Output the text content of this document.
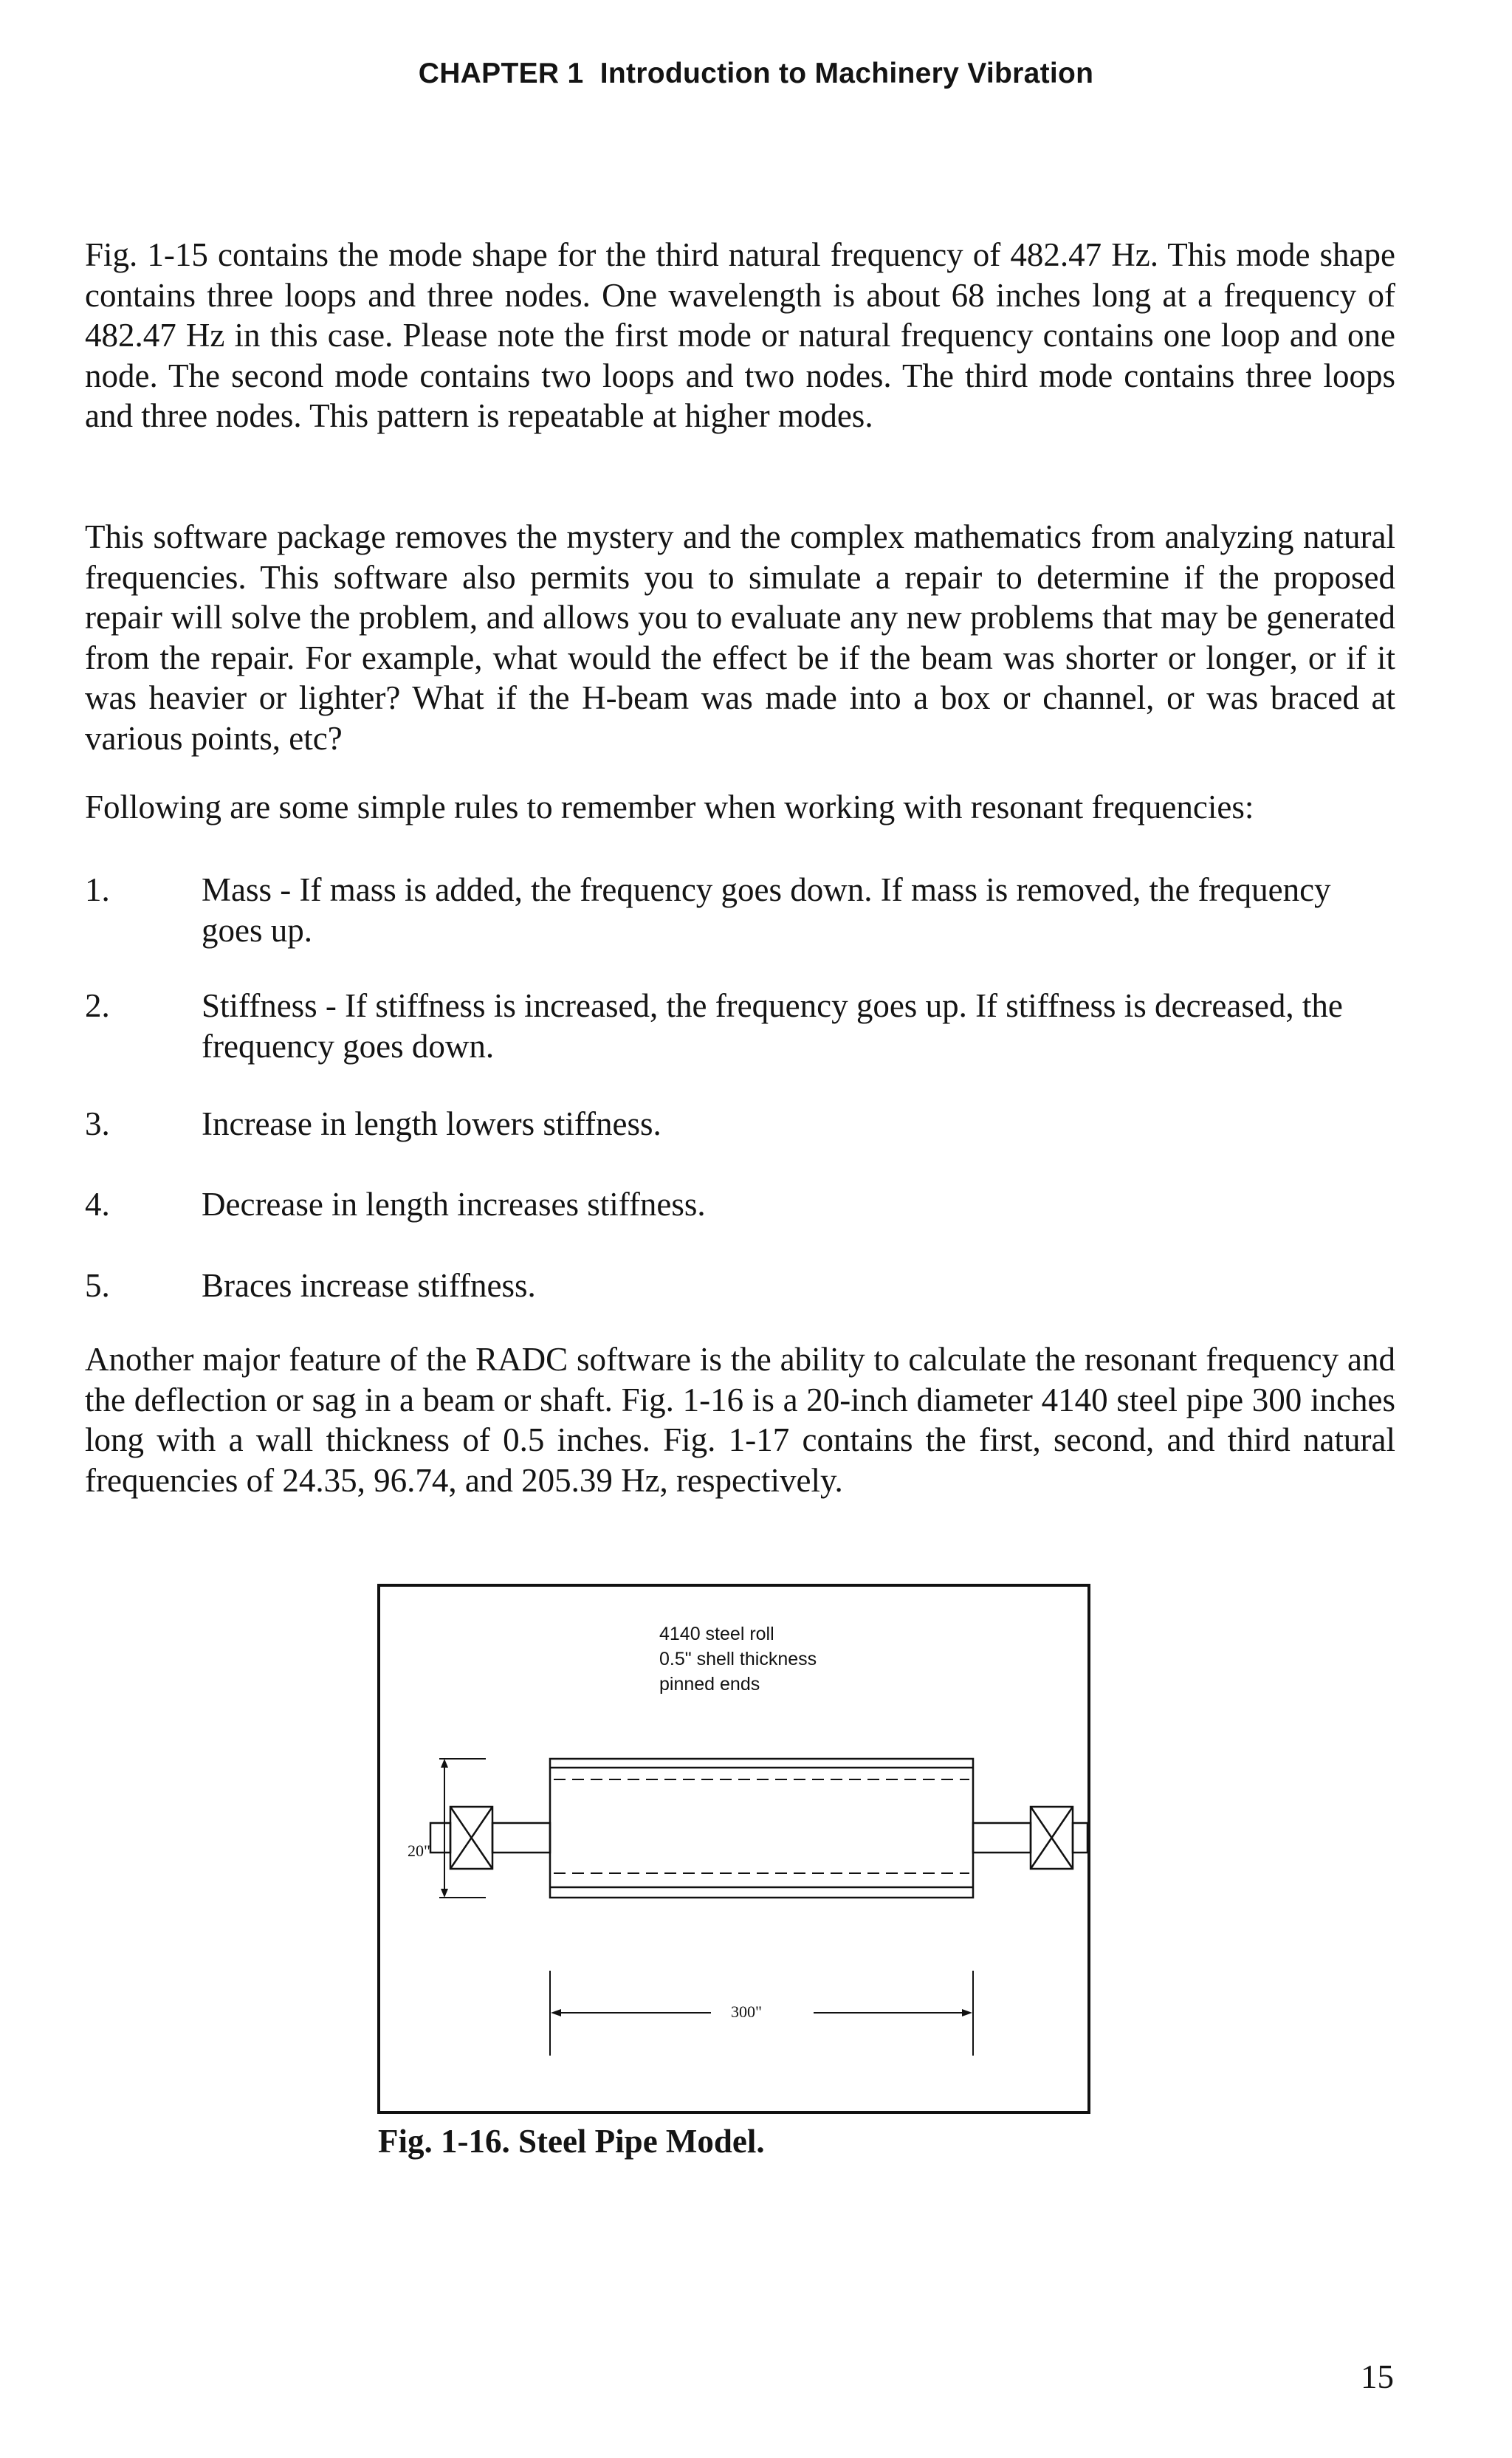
CHAPTER 1 Introduction to Machinery Vibration

Fig. 1-15 contains the mode shape for the third natural frequency of 482.47 Hz. This mode shape contains three loops and three nodes. One wavelength is about 68 inches long at a frequency of 482.47 Hz in this case. Please note the first mode or natural frequency contains one loop and one node. The second mode contains two loops and two nodes. The third mode contains three loops and three nodes. This pattern is repeatable at higher modes.

This software package removes the mystery and the complex mathematics from analyzing natural frequencies. This software also permits you to simulate a repair to determine if the proposed repair will solve the problem, and allows you to evaluate any new problems that may be generated from the repair. For example, what would the effect be if the beam was shorter or longer, or if it was heavier or lighter? What if the H-beam was made into a box or channel, or was braced at various points, etc?

Following are some simple rules to remember when working with resonant frequencies:

1.	Mass - If mass is added, the frequency goes down. If mass is removed, the frequency goes up.
2.	Stiffness - If stiffness is increased, the frequency goes up. If stiffness is decreased, the frequency goes down.
3.	Increase in length lowers stiffness.
4.	Decrease in length increases stiffness.
5.	Braces increase stiffness.

Another major feature of the RADC software is the ability to calculate the resonant frequency and the deflection or sag in a beam or shaft. Fig. 1-16 is a 20-inch diameter 4140 steel pipe 300 inches long with a wall thickness of 0.5 inches. Fig. 1-17 contains the first, second, and third natural frequencies of 24.35, 96.74, and 205.39 Hz, respectively.

4140 steel roll
0.5" shell thickness
pinned ends
20"
300"
Fig. 1-16. Steel Pipe Model.
15
